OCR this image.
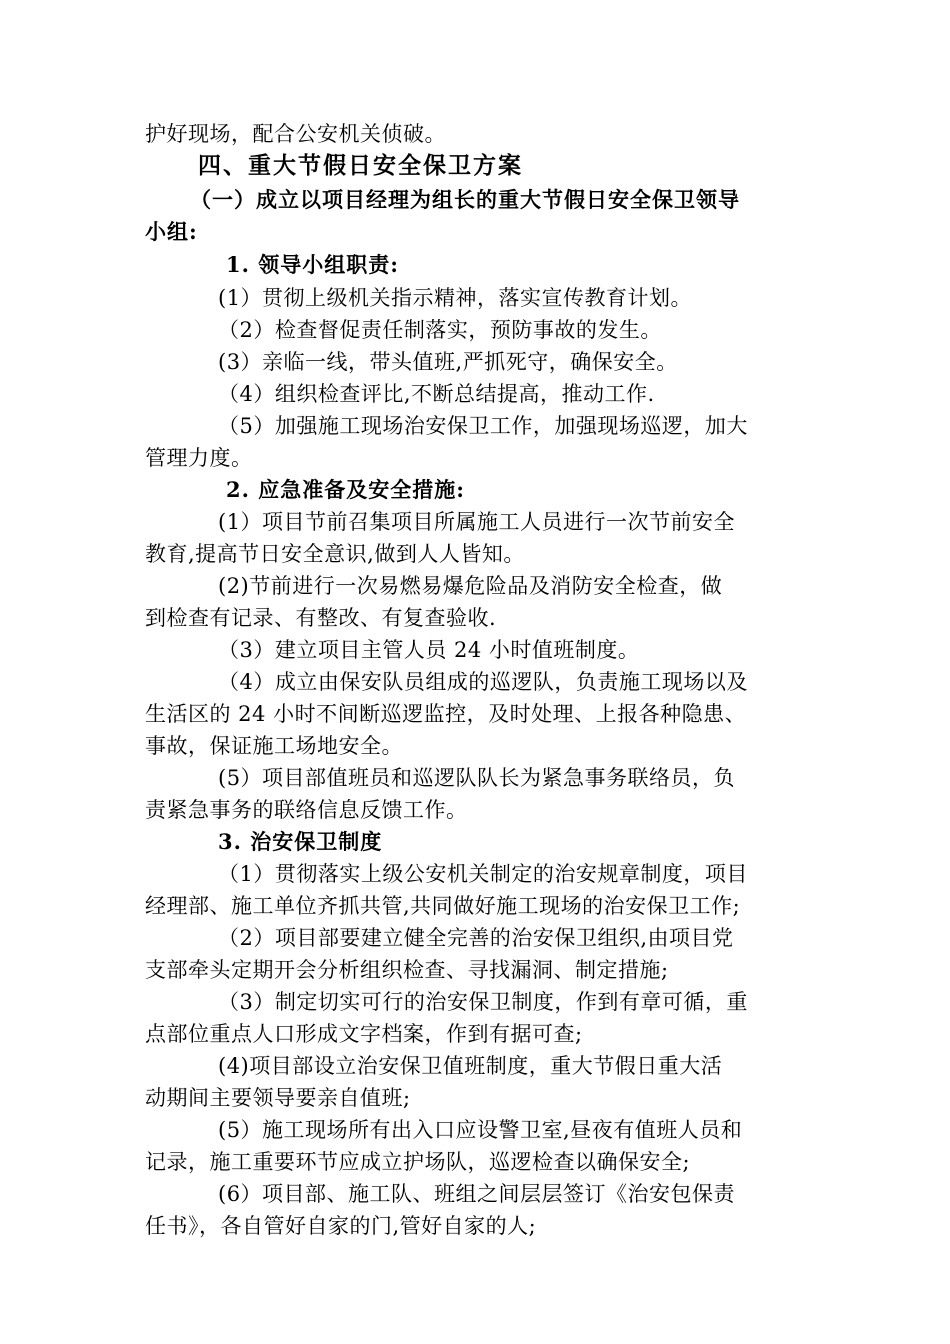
护好现场，配合公安机关侦破。
四、重大节假日安全保卫方案
（一）成立以项目经理为组长的重大节假日安全保卫领导
小组:
1. 领导小组职责:
(1）贯彻上级机关指示精神，落实宣传教育计划。
（2）检查督促责任制落实，预防事故的发生。
(3）亲临一线，带头值班,严抓死守，确保安全。
（4）组织检查评比,不断总结提高，推动工作.
（5）加强施工现场治安保卫工作，加强现场巡逻，加大
管理力度。
2. 应急准备及安全措施:
(1）项目节前召集项目所属施工人员进行一次节前安全
教育,提高节日安全意识,做到人人皆知。
(2)节前进行一次易燃易爆危险品及消防安全检查，做
到检查有记录、有整改、有复查验收.
（3）建立项目主管人员 24 小时值班制度。
（4）成立由保安队员组成的巡逻队，负责施工现场以及
生活区的 24 小时不间断巡逻监控，及时处理、上报各种隐患、
事故，保证施工场地安全。
(5）项目部值班员和巡逻队队长为紧急事务联络员，负
责紧急事务的联络信息反馈工作。
3. 治安保卫制度
（1）贯彻落实上级公安机关制定的治安规章制度，项目
经理部、施工单位齐抓共管,共同做好施工现场的治安保卫工作;
（2）项目部要建立健全完善的治安保卫组织,由项目党
支部牵头定期开会分析组织检查、寻找漏洞、制定措施;
（3）制定切实可行的治安保卫制度，作到有章可循，重
点部位重点人口形成文字档案，作到有据可查;
(4)项目部设立治安保卫值班制度，重大节假日重大活
动期间主要领导要亲自值班;
(5）施工现场所有出入口应设警卫室,昼夜有值班人员和
记录，施工重要环节应成立护场队，巡逻检查以确保安全;
(6）项目部、施工队、班组之间层层签订《治安包保责
任书》，各自管好自家的门,管好自家的人;
